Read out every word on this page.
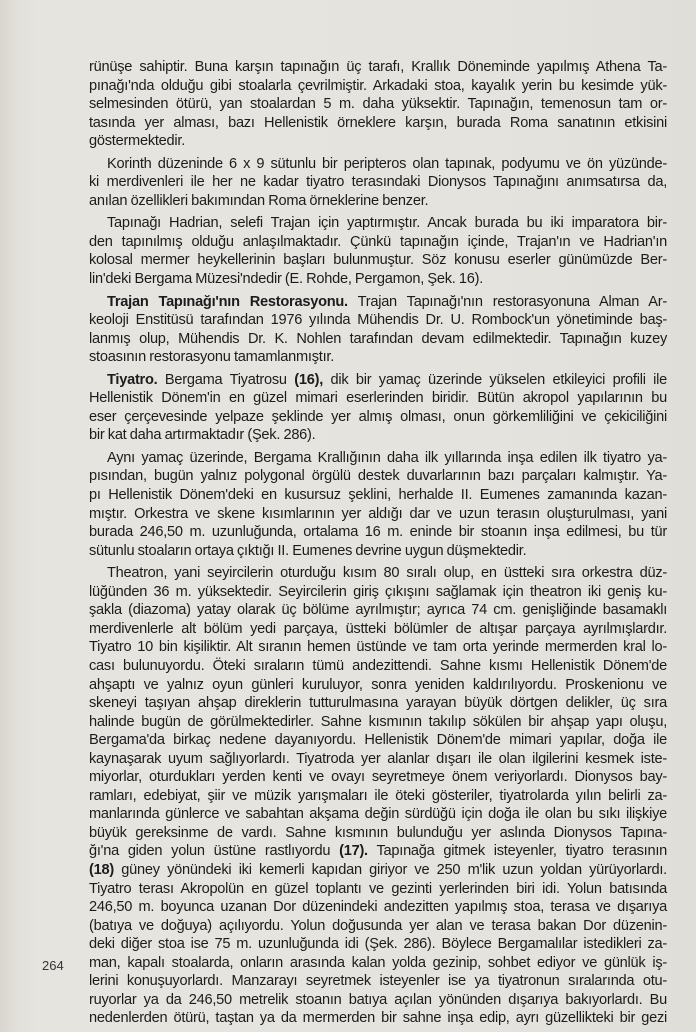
rünüşe sahiptir. Buna karşın tapınağın üç tarafı, Krallık Döneminde yapılmış Athena Ta-
pınağı'nda olduğu gibi stoalarla çevrilmiştir. Arkadaki stoa, kayalık yerin bu kesimde yük-
selmesinden ötürü, yan stoalardan 5 m. daha yüksektir. Tapınağın, temenosun tam or-
tasında yer alması, bazı Hellenistik örneklere karşın, burada Roma sanatının etkisini
göstermektedir.
Korinth düzeninde 6 x 9 sütunlu bir peripteros olan tapınak, podyumu ve ön yüzünde-
ki merdivenleri ile her ne kadar tiyatro terasındaki Dionysos Tapınağını anımsatırsa da,
anılan özellikleri bakımından Roma örneklerine benzer.
Tapınağı Hadrian, selefi Trajan için yaptırmıştır. Ancak burada bu iki imparatora bir-
den tapınılmış olduğu anlaşılmaktadır. Çünkü tapınağın içinde, Trajan'ın ve Hadrian'ın
kolosal mermer heykellerinin başları bulunmuştur. Söz konusu eserler günümüzde Ber-
lin'deki Bergama Müzesi'ndedir (E. Rohde, Pergamon, Şek. 16).
Trajan Tapınağı'nın Restorasyonu. Trajan Tapınağı'nın restorasyonuna Alman Ar-
keoloji Enstitüsü tarafından 1976 yılında Mühendis Dr. U. Rombock'un yönetiminde baş-
lanmış olup, Mühendis Dr. K. Nohlen tarafından devam edilmektedir. Tapınağın kuzey
stoasının restorasyonu tamamlanmıştır.
Tiyatro. Bergama Tiyatrosu (16), dik bir yamaç üzerinde yükselen etkileyici profili ile
Hellenistik Dönem'in en güzel mimari eserlerinden biridir. Bütün akropol yapılarının bu
eser çerçevesinde yelpaze şeklinde yer almış olması, onun görkemliliğini ve çekiciliğini
bir kat daha artırmaktadır (Şek. 286).
Aynı yamaç üzerinde, Bergama Krallığının daha ilk yıllarında inşa edilen ilk tiyatro ya-
pısından, bugün yalnız polygonal örgülü destek duvarlarının bazı parçaları kalmıştır. Ya-
pı Hellenistik Dönem'deki en kusursuz şeklini, herhalde II. Eumenes zamanında kazan-
mıştır. Orkestra ve skene kısımlarının yer aldığı dar ve uzun terasın oluşturulması, yani
burada 246,50 m. uzunluğunda, ortalama 16 m. eninde bir stoanın inşa edilmesi, bu tür
sütunlu stoaların ortaya çıktığı II. Eumenes devrine uygun düşmektedir.
Theatron, yani seyircilerin oturduğu kısım 80 sıralı olup, en üstteki sıra orkestra düz-
lüğünden 36 m. yüksektedir. Seyircilerin giriş çıkışını sağlamak için theatron iki geniş ku-
şakla (diazoma) yatay olarak üç bölüme ayrılmıştır; ayrıca 74 cm. genişliğinde basamaklı
merdivenlerle alt bölüm yedi parçaya, üstteki bölümler de altışar parçaya ayrılmışlardır.
Tiyatro 10 bin kişiliktir. Alt sıranın hemen üstünde ve tam orta yerinde mermerden kral lo-
cası bulunuyordu. Öteki sıraların tümü andezittendi. Sahne kısmı Hellenistik Dönem'de
ahşaptı ve yalnız oyun günleri kuruluyor, sonra yeniden kaldırılıyordu. Proskenionu ve
skeneyi taşıyan ahşap direklerin tutturulmasına yarayan büyük dörtgen delikler, üç sıra
halinde bugün de görülmektedirler. Sahne kısmının takılıp sökülen bir ahşap yapı oluşu,
Bergama'da birkaç nedene dayanıyordu. Hellenistik Dönem'de mimari yapılar, doğa ile
kaynaşarak uyum sağlıyorlardı. Tiyatroda yer alanlar dışarı ile olan ilgilerini kesmek iste-
miyorlar, oturdukları yerden kenti ve ovayı seyretmeye önem veriyorlardı. Dionysos bay-
ramları, edebiyat, şiir ve müzik yarışmaları ile öteki gösteriler, tiyatrolarda yılın belirli za-
manlarında günlerce ve sabahtan akşama değin sürdüğü için doğa ile olan bu sıkı ilişkiye
büyük gereksinme de vardı. Sahne kısmının bulunduğu yer aslında Dionysos Tapına-
ğı'na giden yolun üstüne rastlıyordu (17). Tapınağa gitmek isteyenler, tiyatro terasının
(18) güney yönündeki iki kemerli kapıdan giriyor ve 250 m'lik uzun yoldan yürüyorlardı.
Tiyatro terası Akropolün en güzel toplantı ve gezinti yerlerinden biri idi. Yolun batısında
246,50 m. boyunca uzanan Dor düzenindeki andezitten yapılmış stoa, terasa ve dışarıya
(batıya ve doğuya) açılıyordu. Yolun doğusunda yer alan ve terasa bakan Dor düzenin-
deki diğer stoa ise 75 m. uzunluğunda idi (Şek. 286). Böylece Bergamalılar istedikleri za-
man, kapalı stoalarda, onların arasında kalan yolda gezinip, sohbet ediyor ve günlük iş-
lerini konuşuyorlardı. Manzarayı seyretmek isteyenler ise ya tiyatronun sıralarında otu-
ruyorlar ya da 246,50 metrelik stoanın batıya açılan yönünden dışarıya bakıyorlardı. Bu
nedenlerden ötürü, taştan ya da mermerden bir sahne inşa edip, ayrı güzellikteki bir gezi
264
